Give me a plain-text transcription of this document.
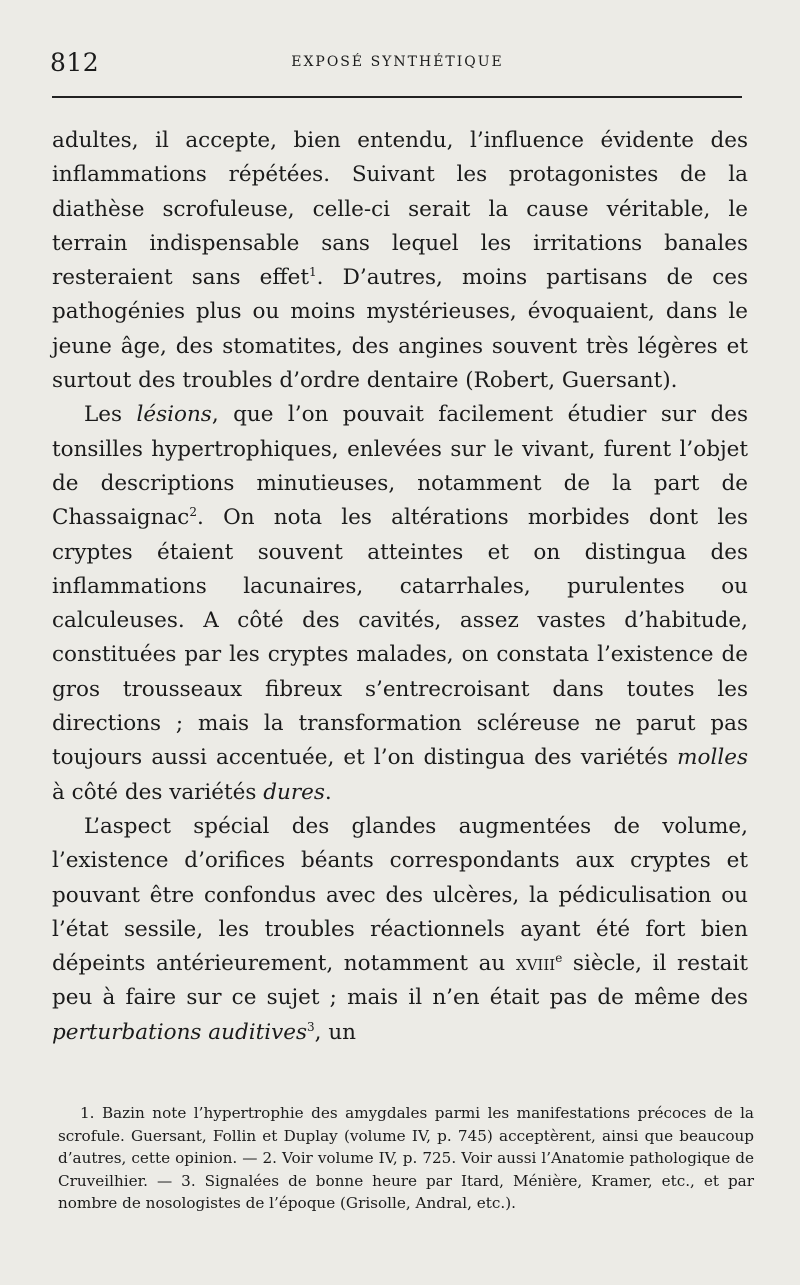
812	EXPOSÉ SYNTHÉTIQUE

adultes, il accepte, bien entendu, l’influence évidente des inflammations répétées. Suivant les protagonistes de la diathèse scrofuleuse, celle-ci serait la cause véritable, le terrain indispensable sans lequel les irritations banales resteraient sans effet$^1$. D’autres, moins partisans de ces pathogénies plus ou moins mystérieuses, évoquaient, dans le jeune âge, des stomatites, des angines souvent très légères et surtout des troubles d’ordre dentaire (Robert, Guersant).

Les lésions, que l’on pouvait facilement étudier sur des tonsilles hypertrophiques, enlevées sur le vivant, furent l’objet de descriptions minutieuses, notamment de la part de Chassaignac$^2$. On nota les altérations morbides dont les cryptes étaient souvent atteintes et on distingua des inflammations lacunaires, catarrhales, purulentes ou calculeuses. A côté des cavités, assez vastes d’habitude, constituées par les cryptes malades, on constata l’existence de gros trousseaux fibreux s’entrecroisant dans toutes les directions ; mais la transformation scléreuse ne parut pas toujours aussi accentuée, et l’on distingua des variétés molles à côté des variétés dures.

L’aspect spécial des glandes augmentées de volume, l’existence d’orifices béants correspondants aux cryptes et pouvant être confondus avec des ulcères, la pédiculisation ou l’état sessile, les troubles réactionnels ayant été fort bien dépeints antérieurement, notamment au xviii$^e$ siècle, il restait peu à faire sur ce sujet ; mais il n’en était pas de même des perturbations auditives$^3$, un

1. Bazin note l’hypertrophie des amygdales parmi les manifestations précoces de la scrofule. Guersant, Follin et Duplay (volume IV, p. 745) acceptèrent, ainsi que beaucoup d’autres, cette opinion. — 2. Voir volume IV, p. 725. Voir aussi l’Anatomie pathologique de Cruveilhier. — 3. Signalées de bonne heure par Itard, Ménière, Kramer, etc., et par nombre de nosologistes de l’époque (Grisolle, Andral, etc.).
